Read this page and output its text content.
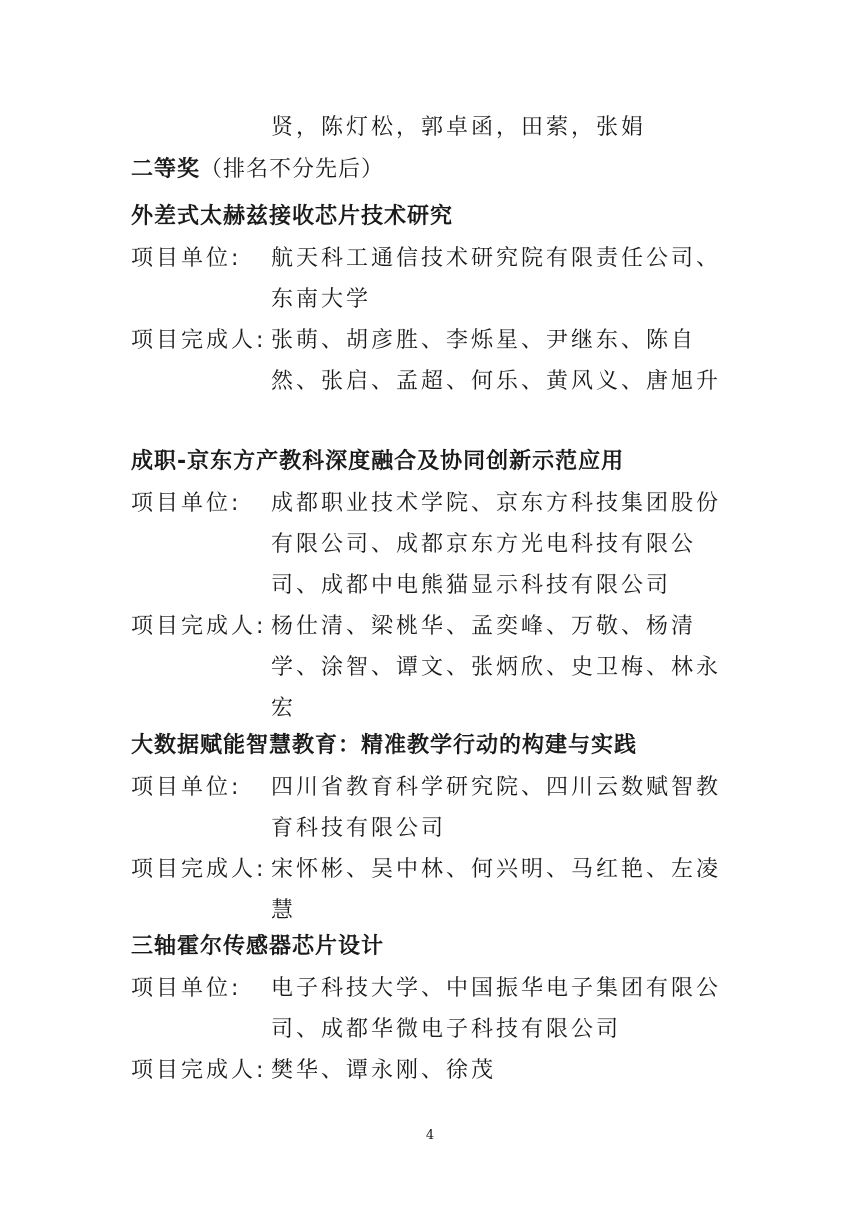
贤，陈灯松，郭卓函，田萦，张娟
二等奖（排名不分先后）
外差式太赫兹接收芯片技术研究
项目单位:	航天科工通信技术研究院有限责任公司、东南大学
项目完成人: 张萌、胡彦胜、李烁星、尹继东、陈自然、张启、孟超、何乐、黄风义、唐旭升
成职-京东方产教科深度融合及协同创新示范应用
项目单位:	成都职业技术学院、京东方科技集团股份有限公司、成都京东方光电科技有限公司、成都中电熊猫显示科技有限公司
项目完成人: 杨仕清、梁桃华、孟奕峰、万敬、杨清学、涂智、谭文、张炳欣、史卫梅、林永宏
大数据赋能智慧教育：精准教学行动的构建与实践
项目单位:	四川省教育科学研究院、四川云数赋智教育科技有限公司
项目完成人: 宋怀彬、吴中林、何兴明、马红艳、左凌慧
三轴霍尔传感器芯片设计
项目单位:	电子科技大学、中国振华电子集团有限公司、成都华微电子科技有限公司
项目完成人: 樊华、谭永刚、徐茂
4
